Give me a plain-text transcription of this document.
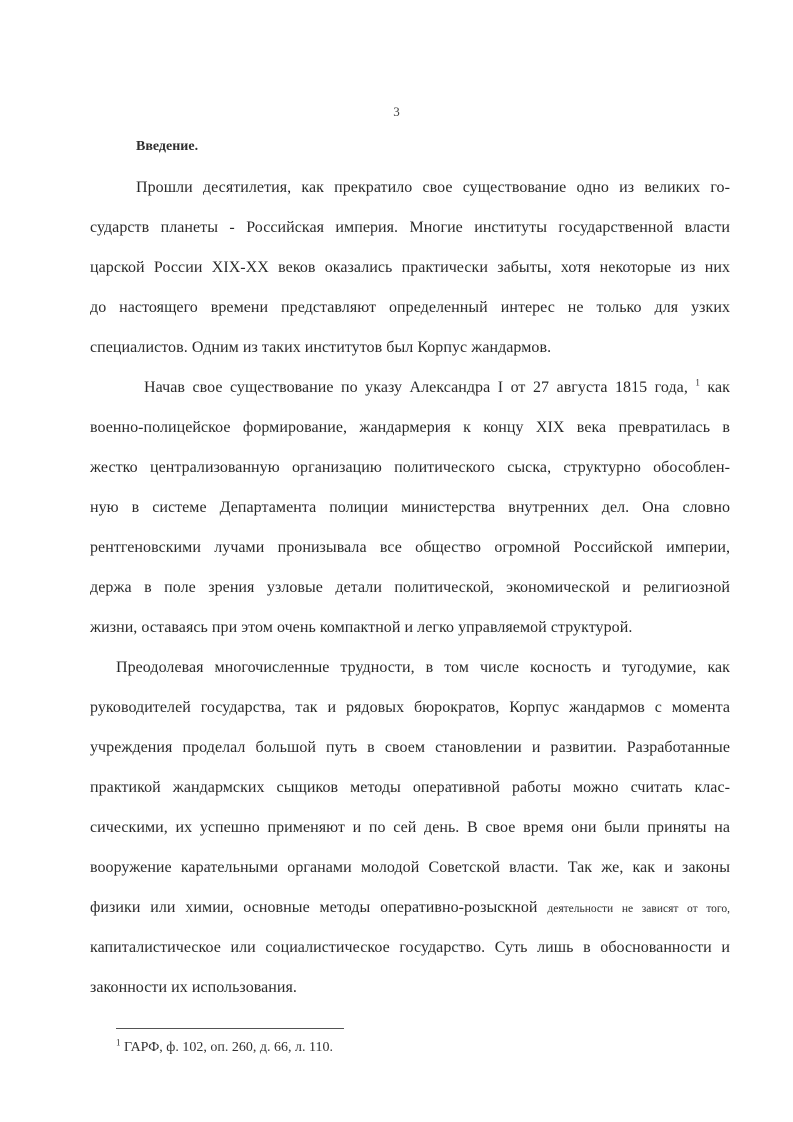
3
Введение.
Прошли десятилетия, как прекратило свое существование одно из великих го-
сударств планеты - Российская империя. Многие институты государственной власти
царской России XIX-XX веков оказались практически забыты, хотя некоторые из них
до настоящего времени представляют определенный интерес не только для узких
специалистов. Одним из таких институтов был Корпус жандармов.
Начав свое существование по указу Александра I от 27 августа 1815 года, $^1$ как
военно-полицейское формирование, жандармерия к концу XIX века превратилась в
жестко централизованную организацию политического сыска, структурно обособлен-
ную в системе Департамента полиции министерства внутренних дел. Она словно
рентгеновскими лучами пронизывала все общество огромной Российской империи,
держа в поле зрения узловые детали политической, экономической и религиозной
жизни, оставаясь при этом очень компактной и легко управляемой структурой.
Преодолевая многочисленные трудности, в том числе косность и тугодумие, как
руководителей государства, так и рядовых бюрократов, Корпус жандармов с момента
учреждения проделал большой путь в своем становлении и развитии. Разработанные
практикой жандармских сыщиков методы оперативной работы можно считать клас-
сическими, их успешно применяют и по сей день. В свое время они были приняты на
вооружение карательными органами молодой Советской власти. Так же, как и законы
физики или химии, основные методы оперативно-розыскной деятельности не зависят от того,
капиталистическое или социалистическое государство. Суть лишь в обоснованности и
законности их использования.
$^1$ ГАРФ, ф. 102, оп. 260, д. 66, л. 110.
